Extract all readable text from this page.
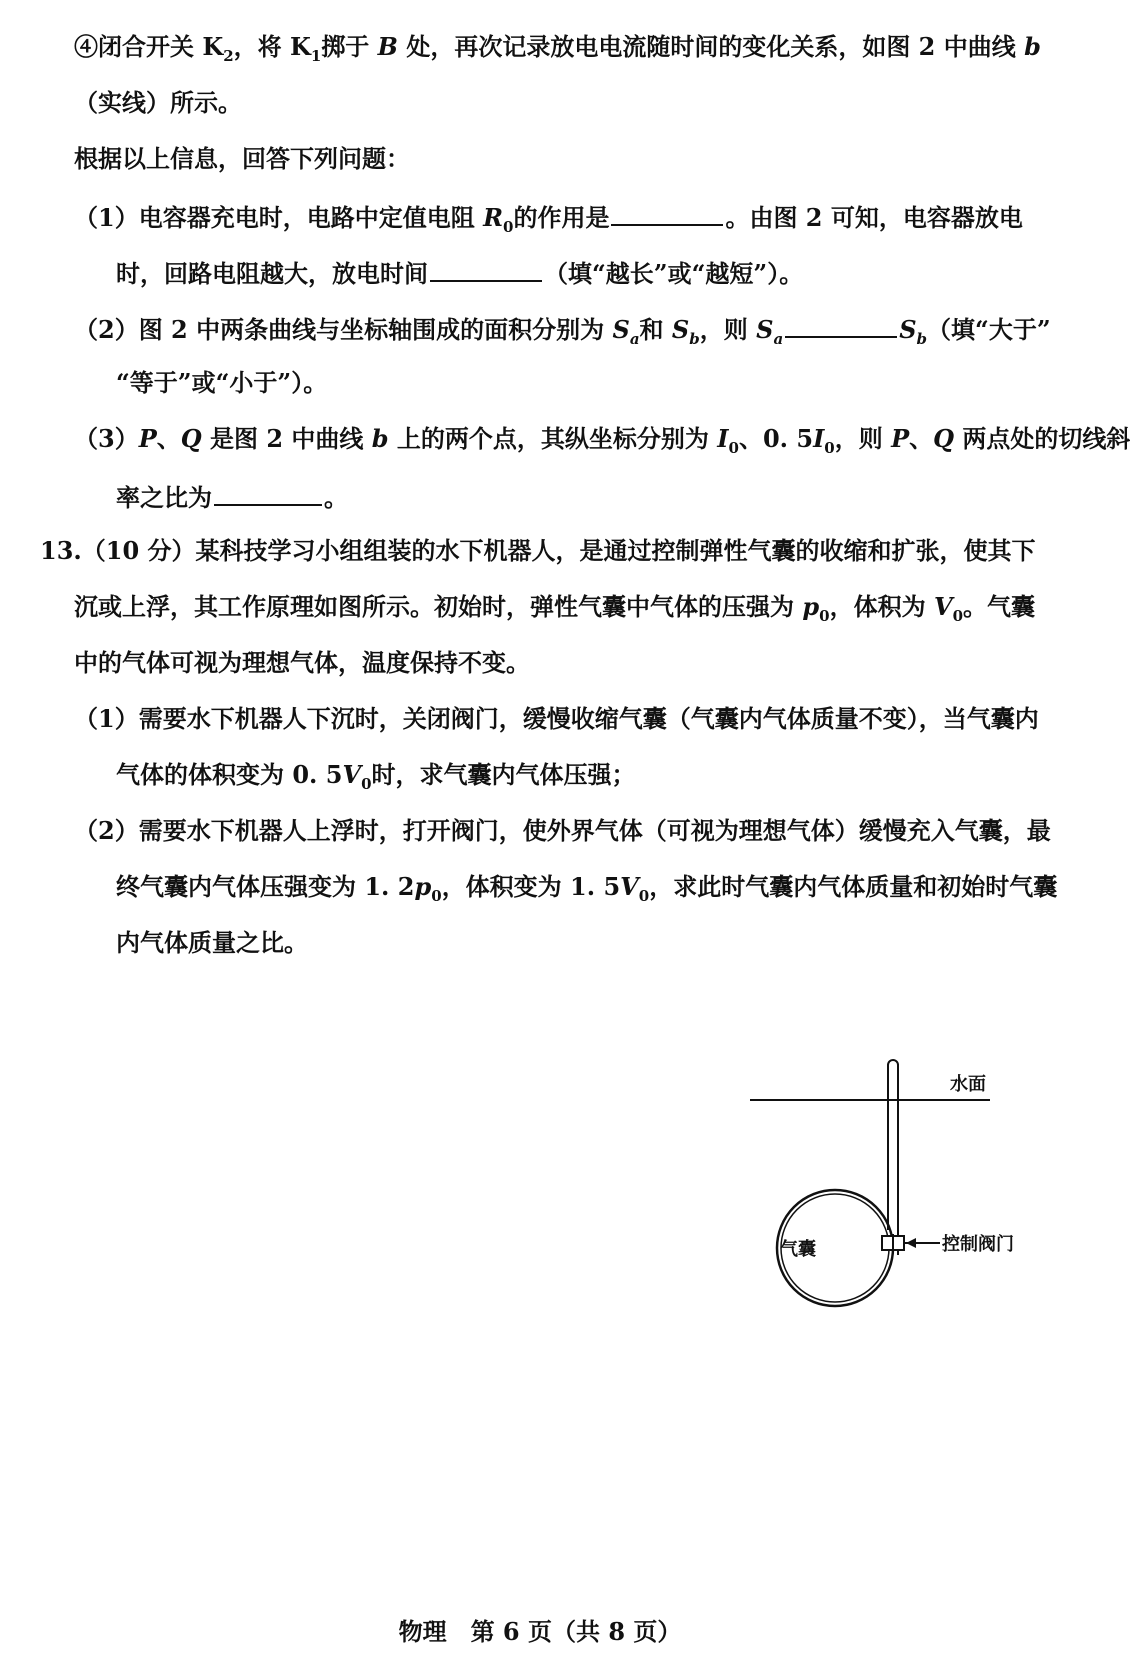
④闭合开关 $K_2$，将 $K_1$掷于 B 处，再次记录放电电流随时间的变化关系，如图 2 中曲线 b
（实线）所示。
根据以上信息，回答下列问题：
（1）电容器充电时，电路中定值电阻 $R_0$的作用是	。由图 2 可知，电容器放电
时，回路电阻越大，放电时间	（填“越长”或“越短”）。
（2）图 2 中两条曲线与坐标轴围成的面积分别为 $S_a$和 $S_b$，则 $S_a$	$S_b$（填“大于”
“等于”或“小于”）。
（3）P、Q 是图 2 中曲线 b 上的两个点，其纵坐标分别为 $I_0$、0. $5I_0$，则 P、Q 两点处的切线斜
率之比为	。
13.（10 分）某科技学习小组组装的水下机器人，是通过控制弹性气囊的收缩和扩张，使其下
沉或上浮，其工作原理如图所示。初始时，弹性气囊中气体的压强为 $p_0$，体积为 $V_0$。气囊
中的气体可视为理想气体，温度保持不变。
（1）需要水下机器人下沉时，关闭阀门，缓慢收缩气囊（气囊内气体质量不变），当气囊内
气体的体积变为 0. $5V_0$时，求气囊内气体压强；
（2）需要水下机器人上浮时，打开阀门，使外界气体（可视为理想气体）缓慢充入气囊，最
终气囊内气体压强变为 1. $2p_0$，体积变为 1. $5V_0$，求此时气囊内气体质量和初始时气囊
内气体质量之比。
水面
气囊	控制阀门
物理　第 6 页（共 8 页）
